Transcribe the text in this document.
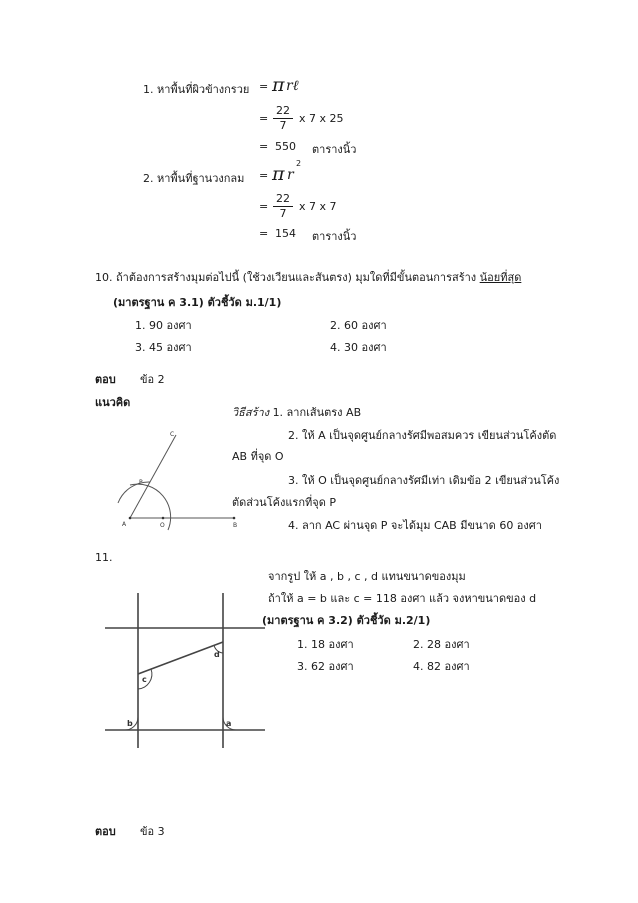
1. หาพื้นที่ผิวข้างกรวย = π rℓ
= $\frac{22}{7}$ x 7 x 25
= 550 ตารางนิ้ว
2. หาพื้นที่ฐานวงกลม = π r
2
= $\frac{22}{7}$ x 7 x 7
= 154 ตารางนิ้ว
10. ถ้าต้องการสร้างมุมต่อไปนี้ (ใช้วงเวียนและสันตรง) มุมใดที่มีขั้นตอนการสร้าง น้อยที่สุด
(มาตรฐาน ค 3.1) ตัวชี้วัด ม.1/1)
1. 90 องศา	2. 60 องศา
3. 45 องศา	4. 30 องศา
ตอบ ข้อ 2
แนวคิด
A	O	B
P
C
วิธีสร้าง 1. ลากเส้นตรง AB
2. ให้ A เป็นจุดศูนย์กลางรัศมีพอสมควร เขียนส่วนโค้งตัด
AB ที่จุด O
3. ให้ O เป็นจุดศูนย์กลางรัศมีเท่า เดิมข้อ 2 เขียนส่วนโค้ง
ตัดส่วนโค้งแรกที่จุด P
4. ลาก AC ผ่านจุด P จะได้มุม CAB มีขนาด 60 องศา
11.
จากรูป ให้ a , b , c , d แทนขนาดของมุม
ถ้าให้ a = b และ c = 118 องศา แล้ว จงหาขนาดของ d
(มาตรฐาน ค 3.2) ตัวชี้วัด ม.2/1)
1. 18 องศา	2. 28 องศา
3. 62 องศา	4. 82 องศา
c
d
b	a
ตอบ ข้อ 3
